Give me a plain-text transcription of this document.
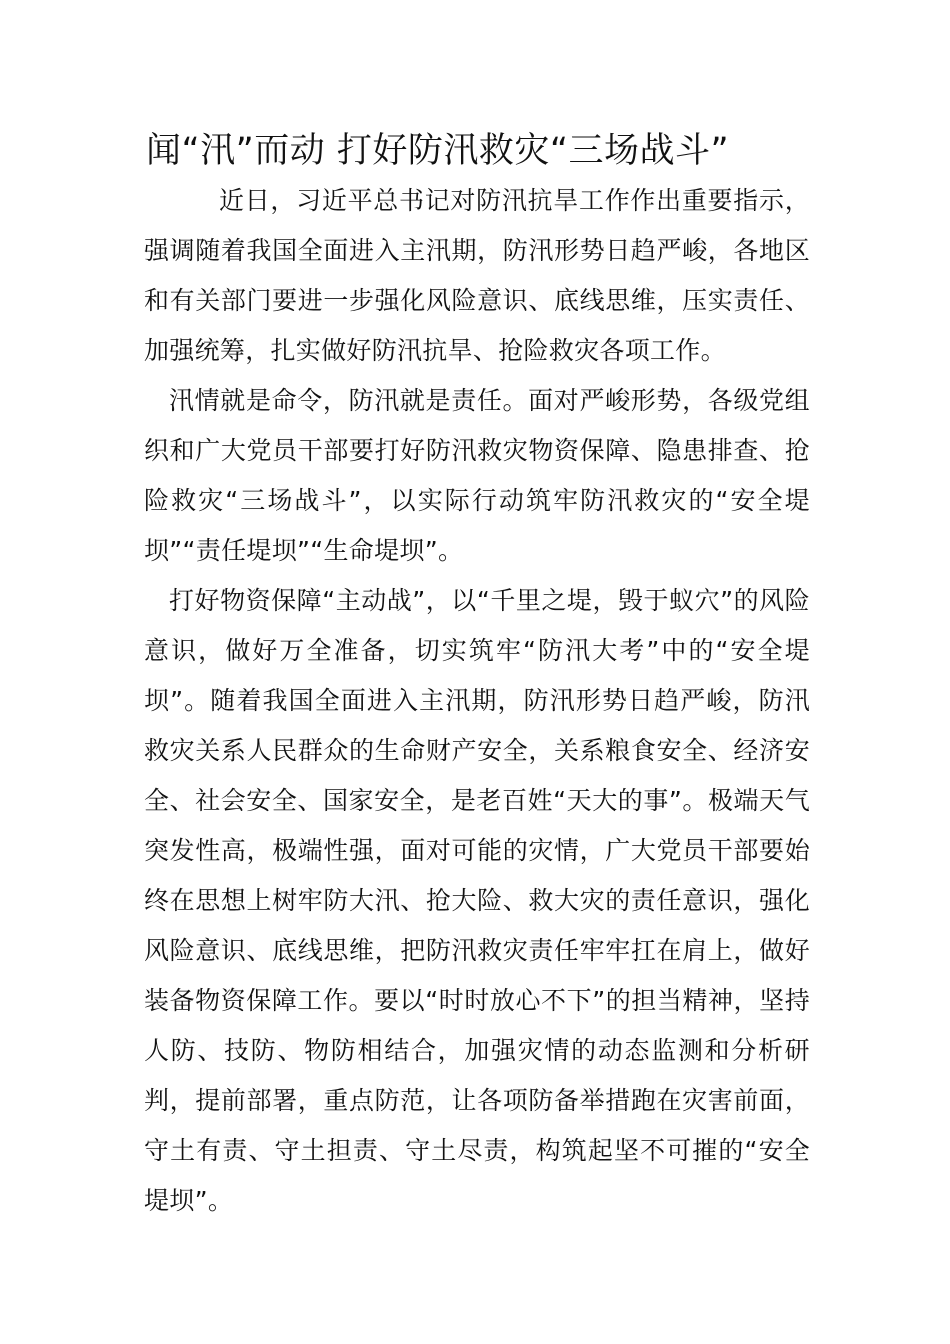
闻“汛”而动 打好防汛救灾“三场战斗”

近日，习近平总书记对防汛抗旱工作作出重要指示，强调随着我国全面进入主汛期，防汛形势日趋严峻，各地区和有关部门要进一步强化风险意识、底线思维，压实责任、加强统筹，扎实做好防汛抗旱、抢险救灾各项工作。

汛情就是命令，防汛就是责任。面对严峻形势，各级党组织和广大党员干部要打好防汛救灾物资保障、隐患排查、抢险救灾“三场战斗”，以实际行动筑牢防汛救灾的“安全堤坝”“责任堤坝”“生命堤坝”。

打好物资保障“主动战”，以“千里之堤，毁于蚁穴”的风险意识，做好万全准备，切实筑牢“防汛大考”中的“安全堤坝”。随着我国全面进入主汛期，防汛形势日趋严峻，防汛救灾关系人民群众的生命财产安全，关系粮食安全、经济安全、社会安全、国家安全，是老百姓“天大的事”。极端天气突发性高，极端性强，面对可能的灾情，广大党员干部要始终在思想上树牢防大汛、抢大险、救大灾的责任意识，强化风险意识、底线思维，把防汛救灾责任牢牢扛在肩上，做好装备物资保障工作。要以“时时放心不下”的担当精神，坚持人防、技防、物防相结合，加强灾情的动态监测和分析研判，提前部署，重点防范，让各项防备举措跑在灾害前面，守土有责、守土担责、守土尽责，构筑起坚不可摧的“安全堤坝”。
